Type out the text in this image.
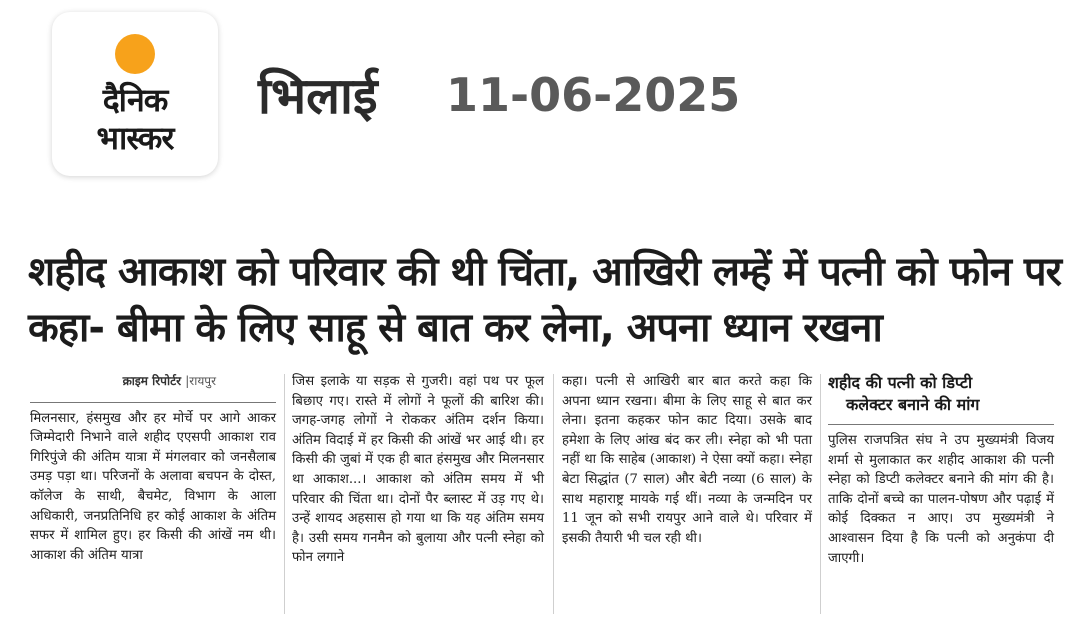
दैनिक
भास्कर
भिलाई 11-06-2025
शहीद आकाश को परिवार की थी चिंता, आखिरी लम्हें में पत्नी को फोन पर कहा- बीमा के लिए साहू से बात कर लेना, अपना ध्यान रखना
क्राइम रिपोर्टर |रायपुर
मिलनसार, हंसमुख और हर मोर्चे पर आगे आकर जिम्मेदारी निभाने वाले शहीद एएसपी आकाश राव गिरिपुंजे की अंतिम यात्रा में मंगलवार को जनसैलाब उमड़ पड़ा था। परिजनों के अलावा बचपन के दोस्त, कॉलेज के साथी, बैचमेट, विभाग के आला अधिकारी, जनप्रतिनिधि हर कोई आकाश के अंतिम सफर में शामिल हुए। हर किसी की आंखें नम थी। आकाश की अंतिम यात्रा
जिस इलाके या सड़क से गुजरी। वहां पथ पर फूल बिछाए गए। रास्ते में लोगों ने फूलों की बारिश की। जगह-जगह लोगों ने रोककर अंतिम दर्शन किया। अंतिम विदाई में हर किसी की आंखें भर आई थी। हर किसी की जुबां में एक ही बात हंसमुख और मिलनसार था आकाश...। आकाश को अंतिम समय में भी परिवार की चिंता था। दोनों पैर ब्लास्ट में उड़ गए थे। उन्हें शायद अहसास हो गया था कि यह अंतिम समय है। उसी समय गनमैन को बुलाया और पत्नी स्नेहा को फोन लगाने
कहा। पत्नी से आखिरी बार बात करते कहा कि अपना ध्यान रखना। बीमा के लिए साहू से बात कर लेना। इतना कहकर फोन काट दिया। उसके बाद हमेशा के लिए आंख बंद कर ली। स्नेहा को भी पता नहीं था कि साहेब (आकाश) ने ऐसा क्यों कहा। स्नेहा बेटा सिद्धांत (7 साल) और बेटी नव्या (6 साल) के साथ महाराष्ट्र मायके गई थीं। नव्या के जन्मदिन पर 11 जून को सभी रायपुर आने वाले थे। परिवार में इसकी तैयारी भी चल रही थी।
शहीद की पत्नी को डिप्टी
कलेक्टर बनाने की मांग
पुलिस राजपत्रित संघ ने उप मुख्यमंत्री विजय शर्मा से मुलाकात कर शहीद आकाश की पत्नी स्नेहा को डिप्टी कलेक्टर बनाने की मांग की है। ताकि दोनों बच्चे का पालन-पोषण और पढ़ाई में कोई दिक्कत न आए। उप मुख्यमंत्री ने आश्वासन दिया है कि पत्नी को अनुकंपा दी जाएगी।
